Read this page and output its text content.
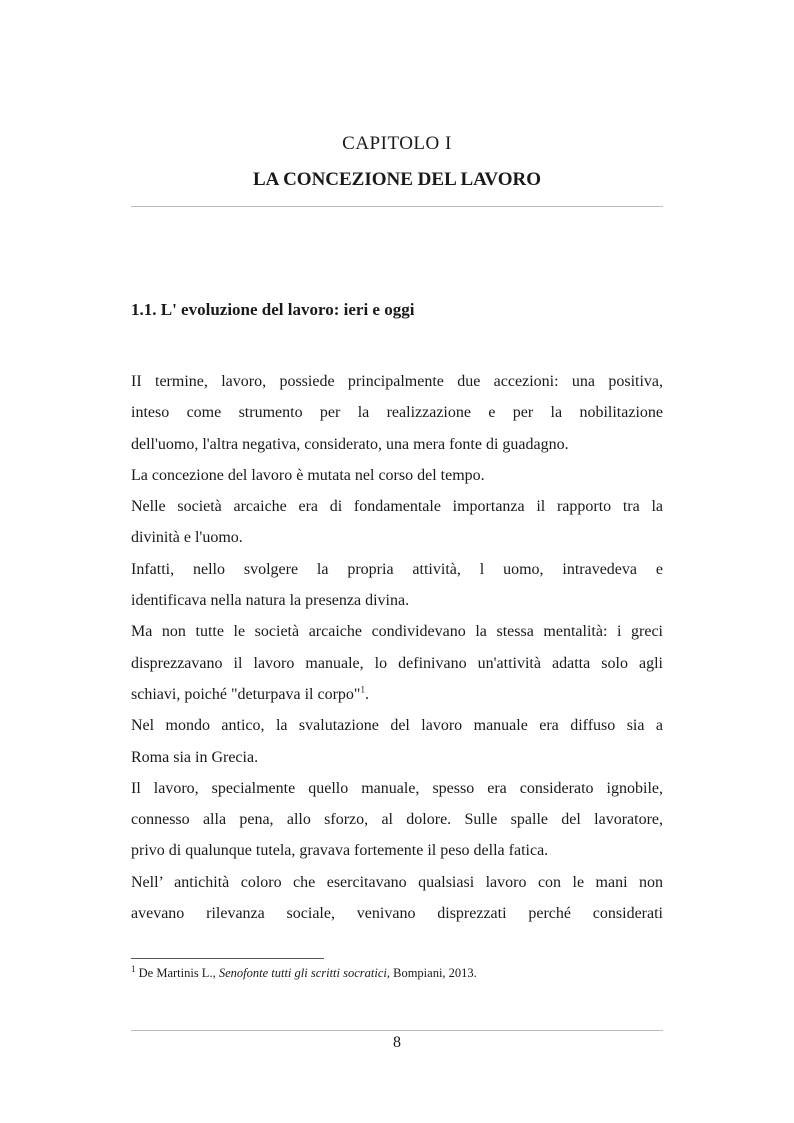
CAPITOLO I
LA CONCEZIONE DEL LAVORO
1.1. L' evoluzione del lavoro: ieri e oggi
II termine, lavoro, possiede principalmente due accezioni: una positiva,
inteso come strumento per la realizzazione e per la nobilitazione
dell'uomo, l'altra negativa, considerato, una mera fonte di guadagno.
La concezione del lavoro è mutata nel corso del tempo.
Nelle società arcaiche era di fondamentale importanza il rapporto tra la
divinità e l'uomo.
Infatti, nello svolgere la propria attività, l uomo, intravedeva e
identificava nella natura la presenza divina.
Ma non tutte le società arcaiche condividevano la stessa mentalità: i greci
disprezzavano il lavoro manuale, lo definivano un'attività adatta solo agli
schiavi, poiché "deturpava il corpo"$^1$.
Nel mondo antico, la svalutazione del lavoro manuale era diffuso sia a
Roma sia in Grecia.
Il lavoro, specialmente quello manuale, spesso era considerato ignobile,
connesso alla pena, allo sforzo, al dolore. Sulle spalle del lavoratore,
privo di qualunque tutela, gravava fortemente il peso della fatica.
Nell’ antichità coloro che esercitavano qualsiasi lavoro con le mani non
avevano rilevanza sociale, venivano disprezzati perché considerati
$^1$ De Martinis L., Senofonte tutti gli scritti socratici, Bompiani, 2013.
8
